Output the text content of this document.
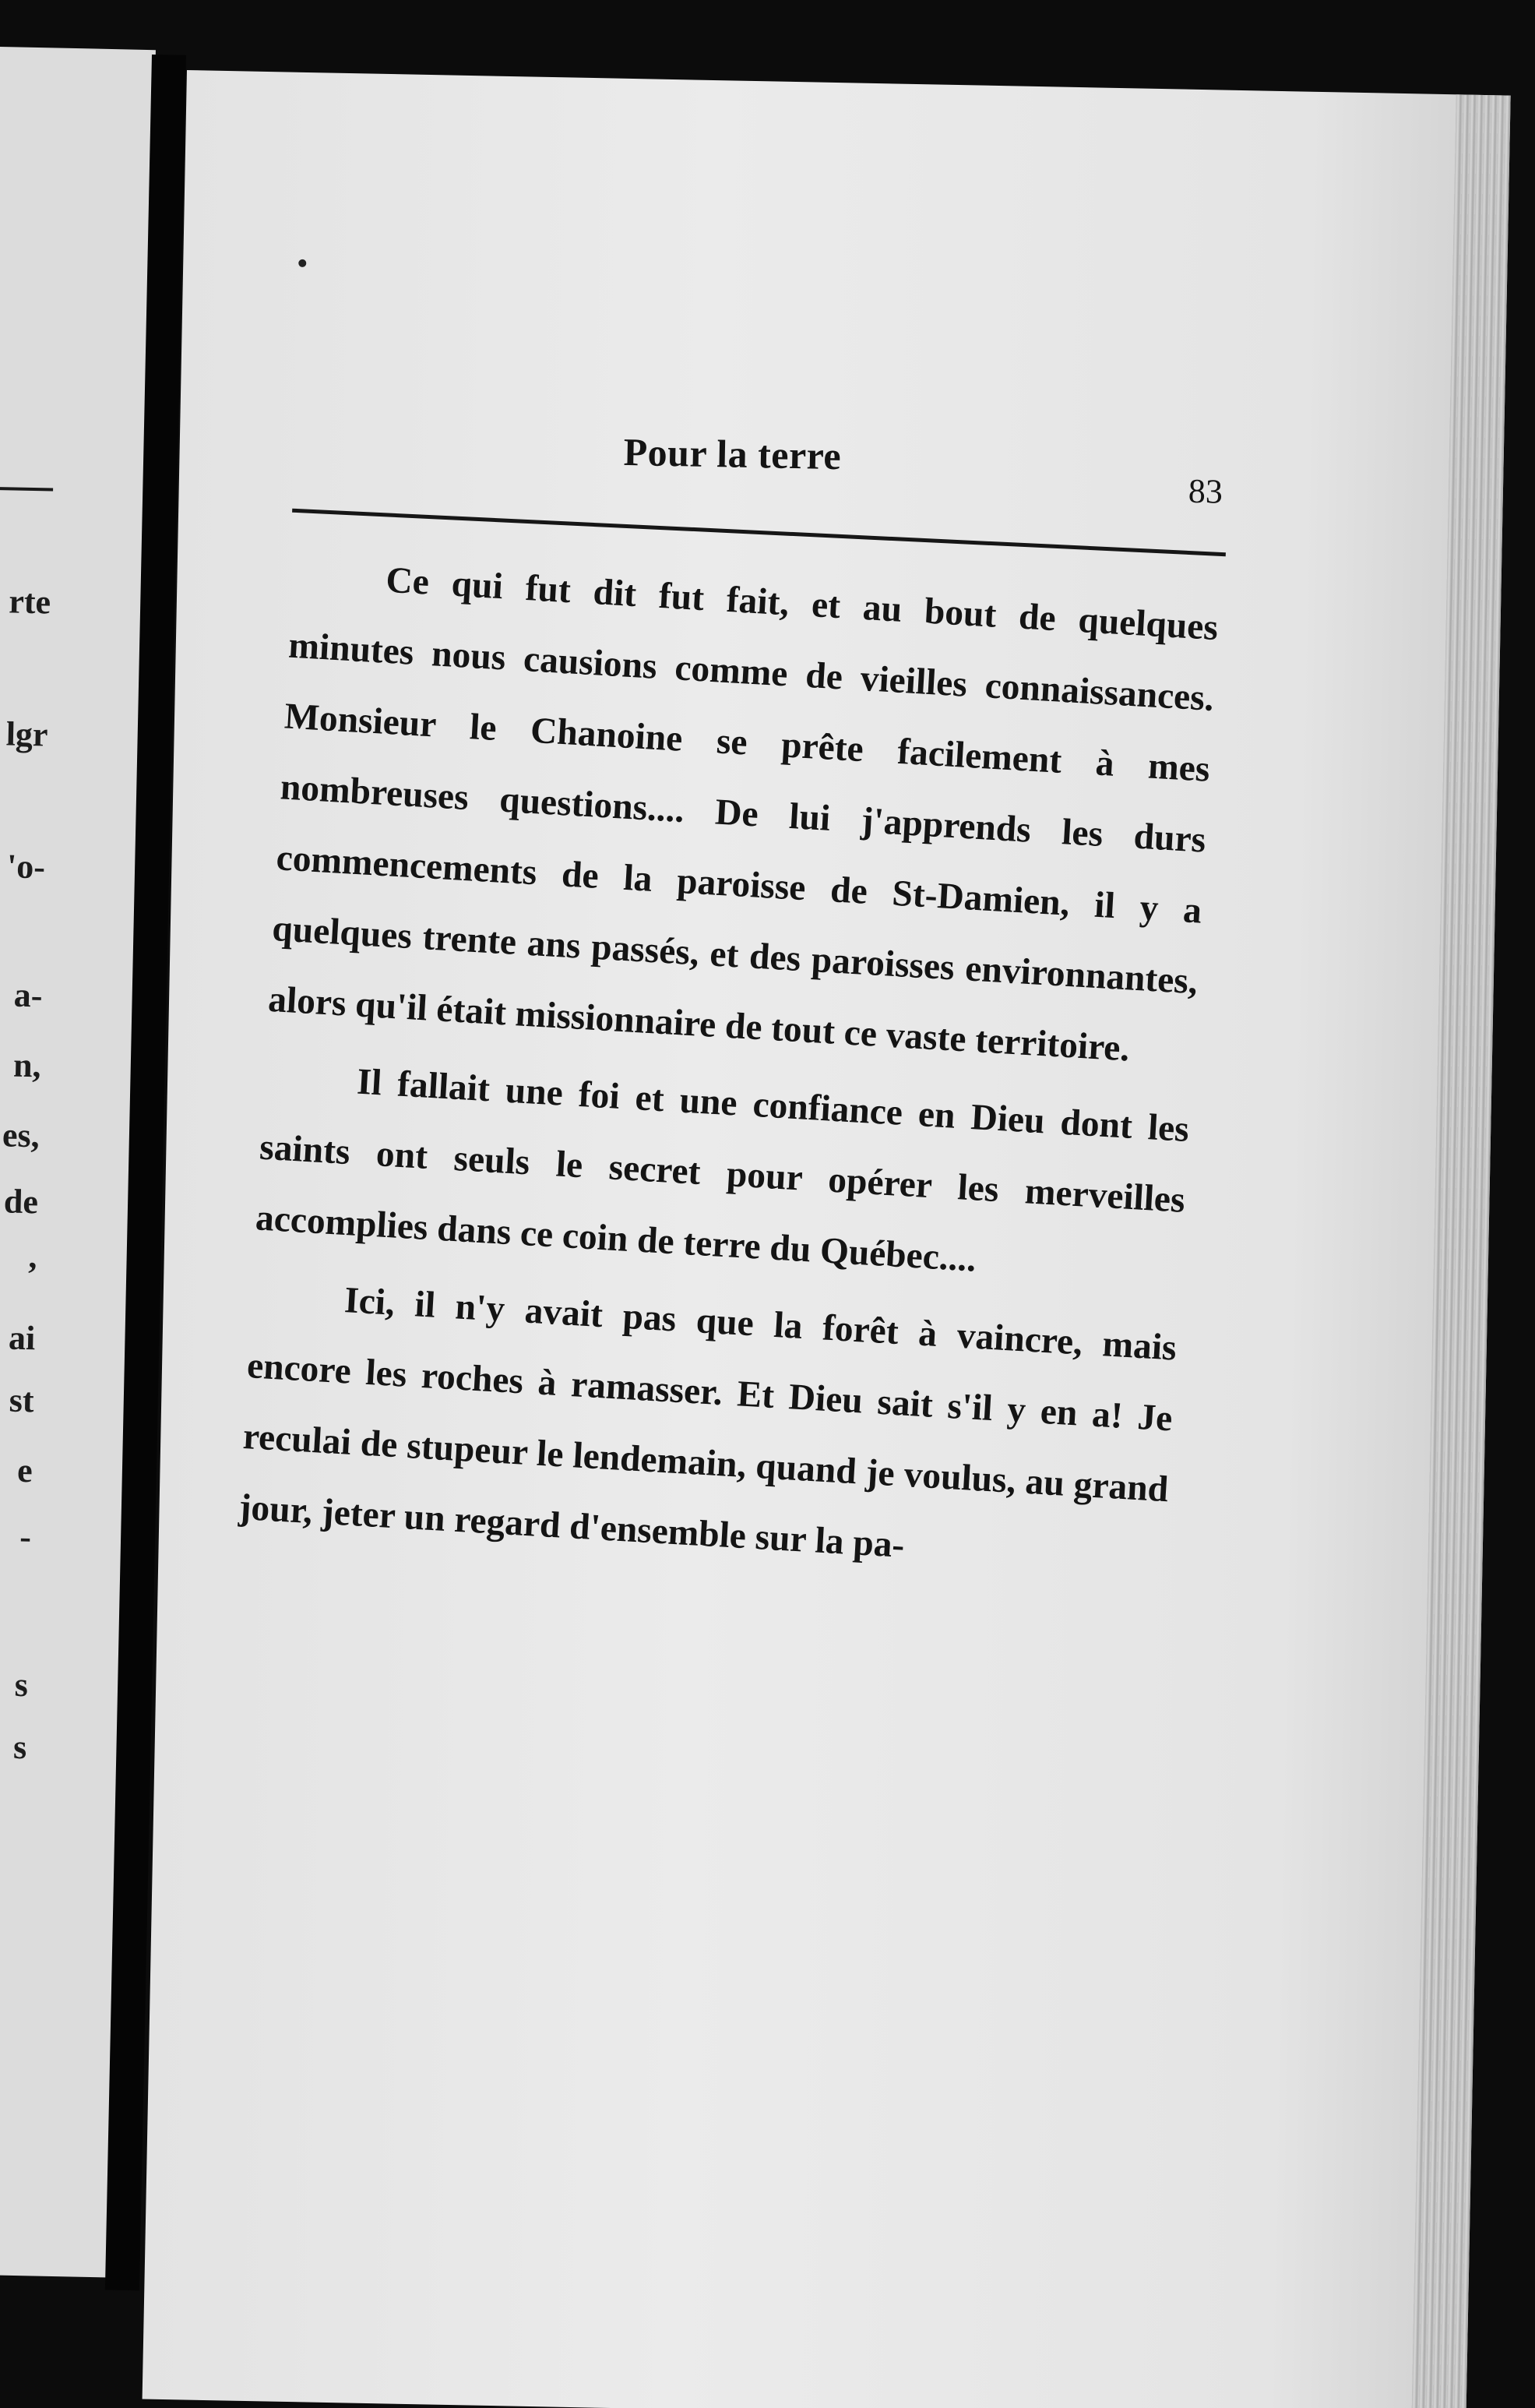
rte
lgr
'o-
a-
n,
es,
de
,
ai
st
e
-
s
s
Pour la terre
83

Ce qui fut dit fut fait, et au bout de quelques minutes nous causions comme de vieilles connaissances. Monsieur le Chanoine se prête facilement à mes nombreuses questions.... De lui j'apprends les durs commencements de la paroisse de St-Damien, il y a quelques trente ans passés, et des paroisses environnantes, alors qu'il était missionnaire de tout ce vaste territoire.

Il fallait une foi et une confiance en Dieu dont les saints ont seuls le secret pour opérer les merveilles accomplies dans ce coin de terre du Québec....

Ici, il n'y avait pas que la forêt à vaincre, mais encore les roches à ramasser. Et Dieu sait s'il y en a! Je reculai de stupeur le lendemain, quand je voulus, au grand jour, jeter un regard d'ensemble sur la pa-
